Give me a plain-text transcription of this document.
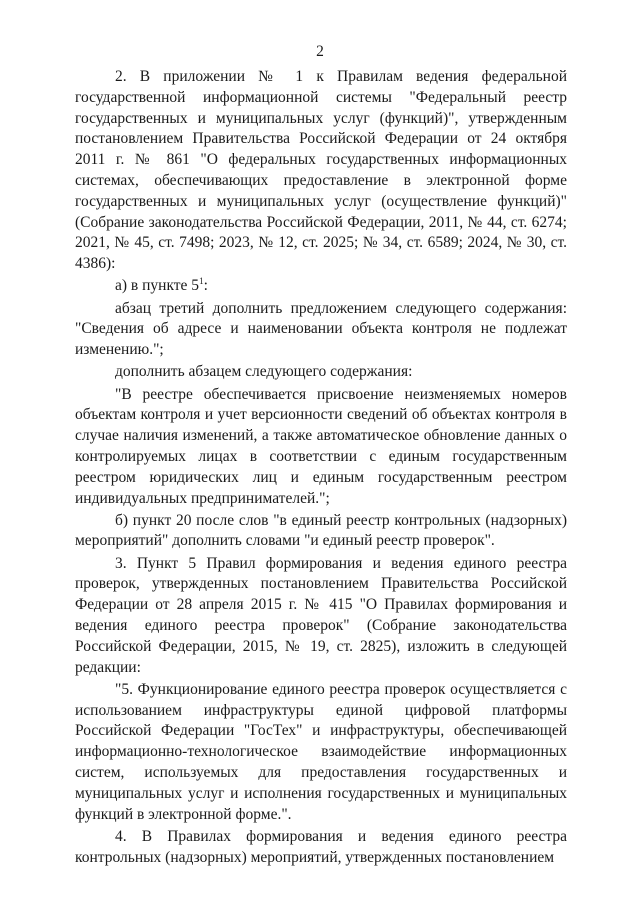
2

2. В приложении № 1 к Правилам ведения федеральной государственной информационной системы "Федеральный реестр государственных и муниципальных услуг (функций)", утвержденным постановлением Правительства Российской Федерации от 24 октября 2011 г. № 861 "О федеральных государственных информационных системах, обеспечивающих предоставление в электронной форме государственных и муниципальных услуг (осуществление функций)" (Собрание законодательства Российской Федерации, 2011, № 44, ст. 6274; 2021, № 45, ст. 7498; 2023, № 12, ст. 2025; № 34, ст. 6589; 2024, № 30, ст. 4386):

а) в пункте $5^1$:

абзац третий дополнить предложением следующего содержания: "Сведения об адресе и наименовании объекта контроля не подлежат изменению.";

дополнить абзацем следующего содержания:

"В реестре обеспечивается присвоение неизменяемых номеров объектам контроля и учет версионности сведений об объектах контроля в случае наличия изменений, а также автоматическое обновление данных о контролируемых лицах в соответствии с единым государственным реестром юридических лиц и единым государственным реестром индивидуальных предпринимателей.";

б) пункт 20 после слов "в единый реестр контрольных (надзорных) мероприятий" дополнить словами "и единый реестр проверок".

3. Пункт 5 Правил формирования и ведения единого реестра проверок, утвержденных постановлением Правительства Российской Федерации от 28 апреля 2015 г. № 415 "О Правилах формирования и ведения единого реестра проверок" (Собрание законодательства Российской Федерации, 2015, № 19, ст. 2825), изложить в следующей редакции:

"5. Функционирование единого реестра проверок осуществляется с использованием инфраструктуры единой цифровой платформы Российской Федерации "ГосТех" и инфраструктуры, обеспечивающей информационно-технологическое взаимодействие информационных систем, используемых для предоставления государственных и муниципальных услуг и исполнения государственных и муниципальных функций в электронной форме.".

4. В Правилах формирования и ведения единого реестра контрольных (надзорных) мероприятий, утвержденных постановлением
